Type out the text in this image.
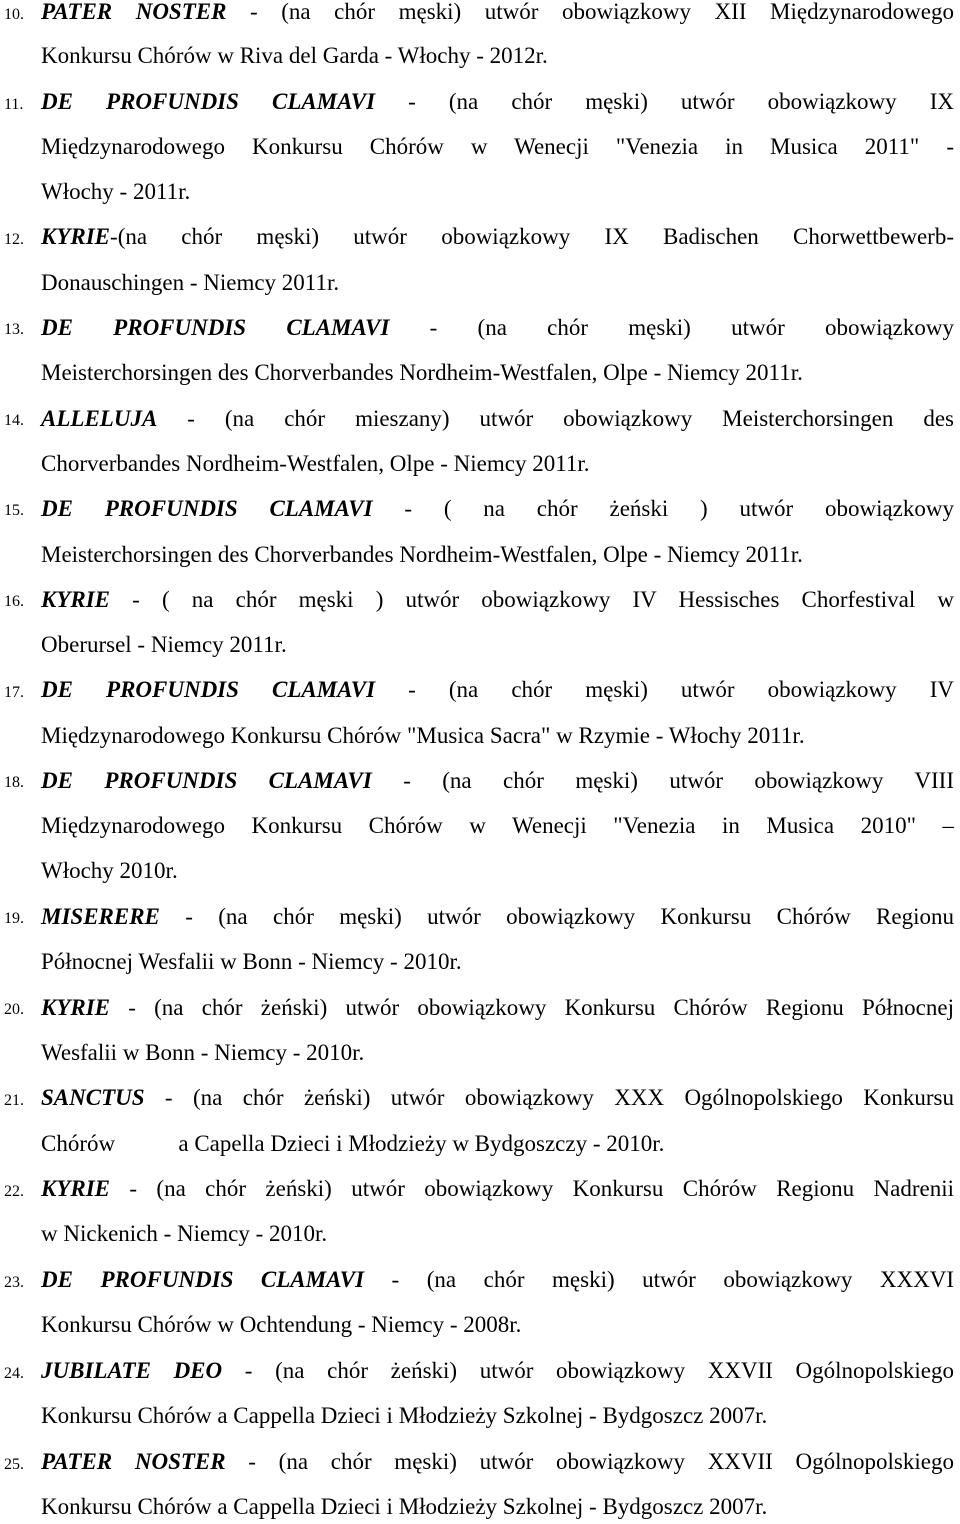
10. PATER NOSTER - (na chór męski) utwór obowiązkowy XII Międzynarodowego
Konkursu Chórów w Riva del Garda - Włochy - 2012r.
11. DE PROFUNDIS CLAMAVI - (na chór męski) utwór obowiązkowy IX
Międzynarodowego Konkursu Chórów w Wenecji "Venezia in Musica 2011" -
Włochy - 2011r.
12. KYRIE-(na chór męski) utwór obowiązkowy IX Badischen Chorwettbewerb-
Donauschingen - Niemcy 2011r.
13. DE PROFUNDIS CLAMAVI - (na chór męski) utwór obowiązkowy
Meisterchorsingen des Chorverbandes Nordheim-Westfalen, Olpe - Niemcy 2011r.
14. ALLELUJA - (na chór mieszany) utwór obowiązkowy Meisterchorsingen des
Chorverbandes Nordheim-Westfalen, Olpe - Niemcy 2011r.
15. DE PROFUNDIS CLAMAVI - ( na chór żeński ) utwór obowiązkowy
Meisterchorsingen des Chorverbandes Nordheim-Westfalen, Olpe - Niemcy 2011r.
16. KYRIE - ( na chór męski ) utwór obowiązkowy IV Hessisches Chorfestival w
Oberursel - Niemcy 2011r.
17. DE PROFUNDIS CLAMAVI - (na chór męski) utwór obowiązkowy IV
Międzynarodowego Konkursu Chórów "Musica Sacra" w Rzymie - Włochy 2011r.
18. DE PROFUNDIS CLAMAVI - (na chór męski) utwór obowiązkowy VIII
Międzynarodowego Konkursu Chórów w Wenecji "Venezia in Musica 2010" –
Włochy 2010r.
19. MISERERE - (na chór męski) utwór obowiązkowy Konkursu Chórów Regionu
Północnej Wesfalii w Bonn - Niemcy - 2010r.
20. KYRIE - (na chór żeński) utwór obowiązkowy Konkursu Chórów Regionu Północnej
Wesfalii w Bonn - Niemcy - 2010r.
21. SANCTUS - (na chór żeński) utwór obowiązkowy XXX Ogólnopolskiego Konkursu
Chórów           a Capella Dzieci i Młodzieży w Bydgoszczy - 2010r.
22. KYRIE - (na chór żeński) utwór obowiązkowy Konkursu Chórów Regionu Nadrenii
w Nickenich - Niemcy - 2010r.
23. DE PROFUNDIS CLAMAVI - (na chór męski) utwór obowiązkowy XXXVI
Konkursu Chórów w Ochtendung - Niemcy - 2008r.
24. JUBILATE DEO - (na chór żeński) utwór obowiązkowy XXVII Ogólnopolskiego
Konkursu Chórów a Cappella Dzieci i Młodzieży Szkolnej - Bydgoszcz 2007r.
25. PATER NOSTER - (na chór męski) utwór obowiązkowy XXVII Ogólnopolskiego
Konkursu Chórów a Cappella Dzieci i Młodzieży Szkolnej - Bydgoszcz 2007r.
